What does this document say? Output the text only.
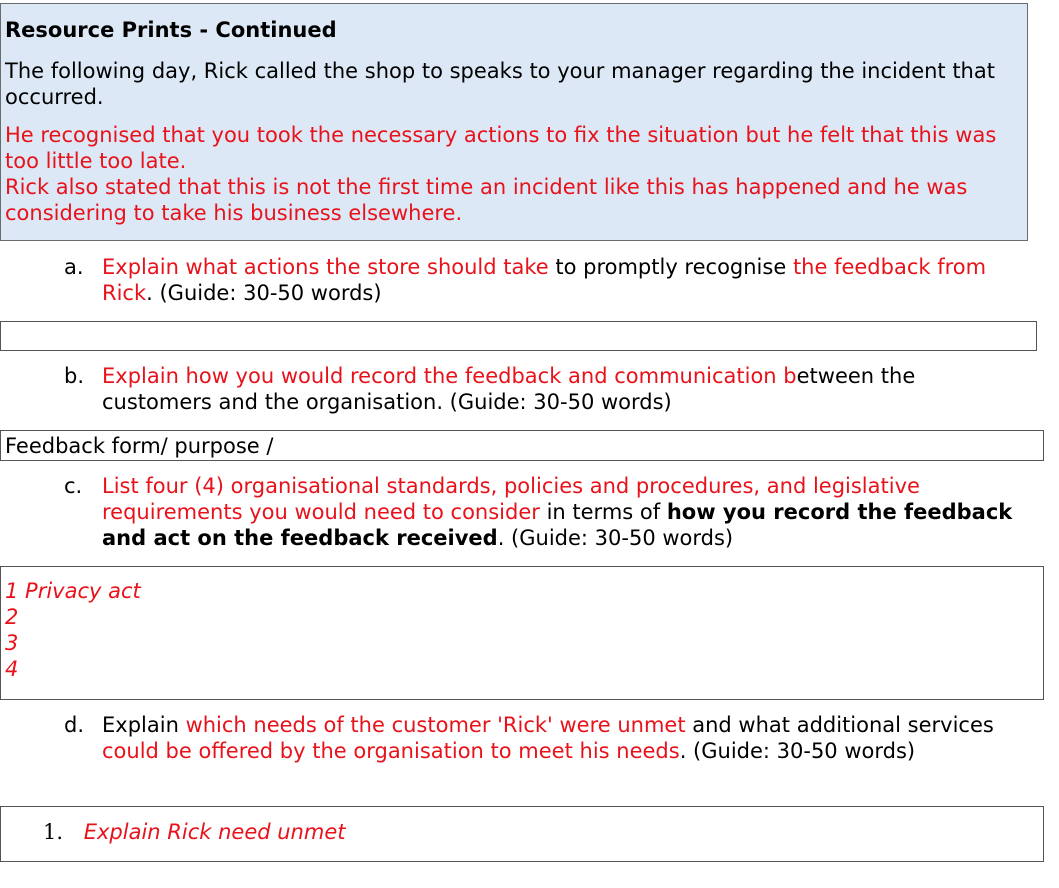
Resource Prints - Continued
The following day, Rick called the shop to speaks to your manager regarding the incident that occurred.
He recognised that you took the necessary actions to fix the situation but he felt that this was too little too late.
Rick also stated that this is not the first time an incident like this has happened and he was considering to take his business elsewhere.
a. Explain what actions the store should take to promptly recognise the feedback from Rick. (Guide: 30-50 words)
b. Explain how you would record the feedback and communication between the customers and the organisation. (Guide: 30-50 words)
Feedback form/ purpose /
c. List four (4) organisational standards, policies and procedures, and legislative requirements you would need to consider in terms of how you record the feedback and act on the feedback received. (Guide: 30-50 words)
1 Privacy act
2
3
4
d. Explain which needs of the customer 'Rick' were unmet and what additional services could be offered by the organisation to meet his needs. (Guide: 30-50 words)
1. Explain Rick need unmet
